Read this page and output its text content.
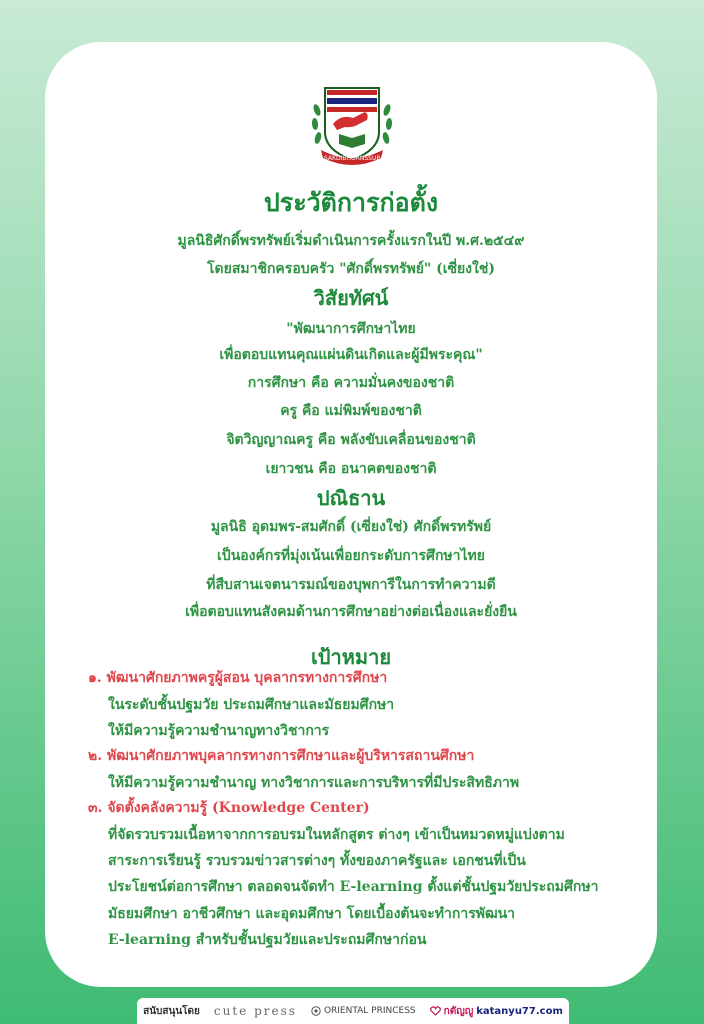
SAKDIBHORNSSUP
ประวัติการก่อตั้ง
มูลนิธิศักดิ์พรทรัพย์เริ่มดำเนินการครั้งแรกในปี พ.ศ.๒๕๔๙
โดยสมาชิกครอบครัว "ศักดิ์พรทรัพย์" (เซี่ยงใช่)
วิสัยทัศน์
"พัฒนาการศึกษาไทย
เพื่อตอบแทนคุณแผ่นดินเกิดและผู้มีพระคุณ"
การศึกษา คือ ความมั่นคงของชาติ
ครู คือ แม่พิมพ์ของชาติ
จิตวิญญาณครู คือ พลังขับเคลื่อนของชาติ
เยาวชน คือ อนาคตของชาติ
ปณิธาน
มูลนิธิ อุดมพร-สมศักดิ์ (เซี่ยงใช่) ศักดิ์พรทรัพย์
เป็นองค์กรที่มุ่งเน้นเพื่อยกระดับการศึกษาไทย
ที่สืบสานเจตนารมณ์ของบุพการีในการทำความดี
เพื่อตอบแทนสังคมด้านการศึกษาอย่างต่อเนื่องและยั่งยืน
เป้าหมาย
๑. พัฒนาศักยภาพครูผู้สอน บุคลากรทางการศึกษา
ในระดับชั้นปฐมวัย ประถมศึกษาและมัธยมศึกษา
ให้มีความรู้ความชำนาญทางวิชาการ
๒. พัฒนาศักยภาพบุคลากรทางการศึกษาและผู้บริหารสถานศึกษา
ให้มีความรู้ความชำนาญ ทางวิชาการและการบริหารที่มีประสิทธิภาพ
๓. จัดตั้งคลังความรู้ (Knowledge Center)
ที่จัดรวบรวมเนื้อหาจากการอบรมในหลักสูตร ต่างๆ เข้าเป็นหมวดหมู่แบ่งตาม
สาระการเรียนรู้ รวบรวมข่าวสารต่างๆ ทั้งของภาครัฐและ เอกชนที่เป็น
ประโยชน์ต่อการศึกษา ตลอดจนจัดทำ E-learning ตั้งแต่ชั้นปฐมวัยประถมศึกษา
มัธยมศึกษา อาชีวศึกษา และอุดมศึกษา โดยเบื้องต้นจะทำการพัฒนา
E-learning สำหรับชั้นปฐมวัยและประถมศึกษาก่อน
สนับสนุนโดย cute press	ORIENTAL PRINCESS	กตัญญู katanyu77.com
